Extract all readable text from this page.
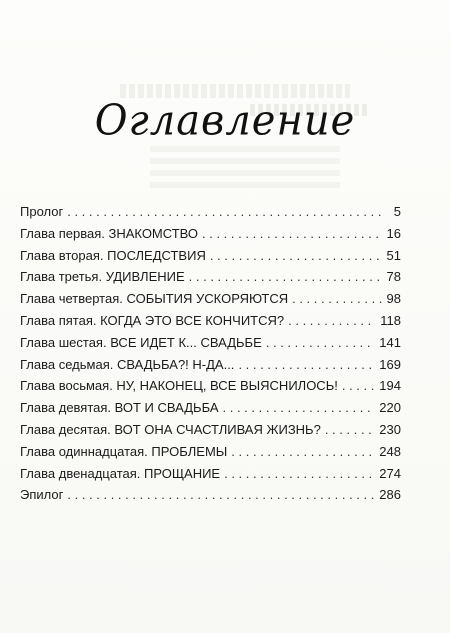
Оглавление
Пролог . . .	5
Глава первая. ЗНАКОМСТВО . . .	16
Глава вторая. ПОСЛЕДСТВИЯ . . .	51
Глава третья. УДИВЛЕНИЕ . . .	78
Глава четвертая. СОБЫТИЯ УСКОРЯЮТСЯ . . .	98
Глава пятая. КОГДА ЭТО ВСЕ КОНЧИТСЯ? . . .	118
Глава шестая. ВСЕ ИДЕТ К... СВАДЬБЕ . . .	141
Глава седьмая. СВАДЬБА?! Н-ДА... . . .	169
Глава восьмая. НУ, НАКОНЕЦ, ВСЕ ВЫЯСНИЛОСЬ! . . .	194
Глава девятая. ВОТ И СВАДЬБА . . .	220
Глава десятая. ВОТ ОНА СЧАСТЛИВАЯ ЖИЗНЬ? . . .	230
Глава одиннадцатая. ПРОБЛЕМЫ . . .	248
Глава двенадцатая. ПРОЩАНИЕ . . .	274
Эпилог . . .	286
